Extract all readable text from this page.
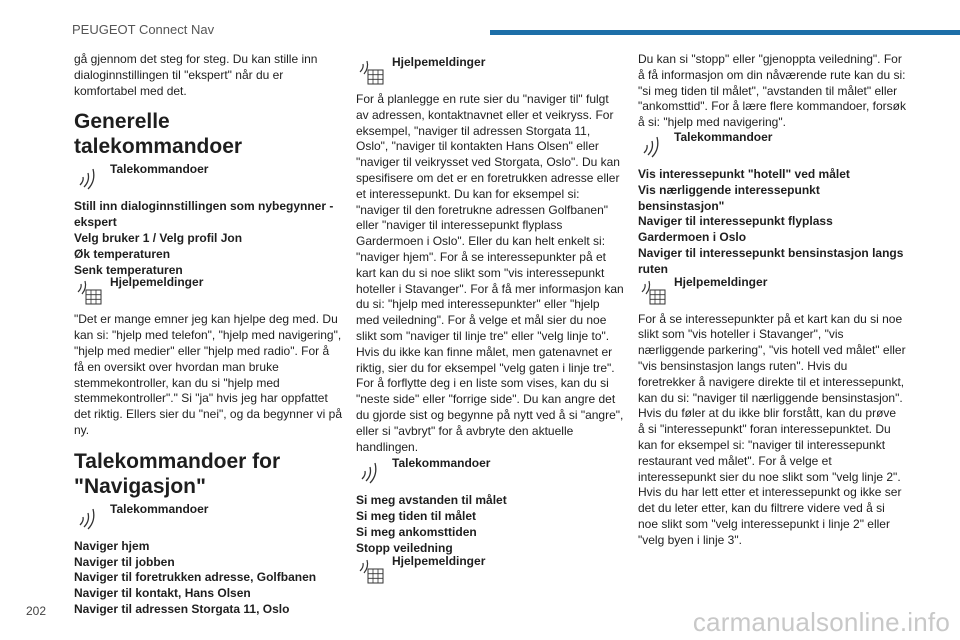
PEUGEOT Connect Nav

gå gjennom det steg for steg. Du kan stille inn dialoginnstillingen til "ekspert" når du er komfortabel med det.

Generelle talekommandoer
Talekommandoer
Still inn dialoginnstillingen som nybegynner - ekspert
Velg bruker 1 / Velg profil Jon
Øk temperaturen
Senk temperaturen
Hjelpemeldinger

"Det er mange emner jeg kan hjelpe deg med. Du kan si: "hjelp med telefon", "hjelp med navigering", "hjelp med medier" eller "hjelp med radio". For å få en oversikt over hvordan man bruke stemmekontroller, kan du si "hjelp med stemmekontroller"." Si "ja" hvis jeg har oppfattet det riktig. Ellers sier du "nei", og da begynner vi på ny.

Talekommandoer for "Navigasjon"
Talekommandoer
Naviger hjem
Naviger til jobben
Naviger til foretrukken adresse, Golfbanen
Naviger til kontakt, Hans Olsen
Naviger til adressen Storgata 11, Oslo
Hjelpemeldinger

For å planlegge en rute sier du "naviger til" fulgt av adressen, kontaktnavnet eller et veikryss. For eksempel, "naviger til adressen Storgata 11, Oslo", "naviger til kontakten Hans Olsen" eller "naviger til veikrysset ved Storgata, Oslo". Du kan spesifisere om det er en foretrukken adresse eller et interessepunkt. Du kan for eksempel si: "naviger til den foretrukne adressen Golfbanen" eller "naviger til interessepunkt flyplass Gardermoen i Oslo". Eller du kan helt enkelt si: "naviger hjem". For å se interessepunkter på et kart kan du si noe slikt som "vis interessepunkt hoteller i Stavanger". For å få mer informasjon kan du si: "hjelp med interessepunkter" eller "hjelp med veiledning". For å velge et mål sier du noe slikt som "naviger til linje tre" eller "velg linje to". Hvis du ikke kan finne målet, men gatenavnet er riktig, sier du for eksempel "velg gaten i linje tre". For å forflytte deg i en liste som vises, kan du si "neste side" eller "forrige side". Du kan angre det du gjorde sist og begynne på nytt ved å si "angre", eller si "avbryt" for å avbryte den aktuelle handlingen.

Talekommandoer
Si meg avstanden til målet
Si meg tiden til målet
Si meg ankomsttiden
Stopp veiledning
Hjelpemeldinger

Du kan si "stopp" eller "gjenoppta veiledning". For å få informasjon om din nåværende rute kan du si: "si meg tiden til målet", "avstanden til målet" eller "ankomsttid". For å lære flere kommandoer, forsøk å si: "hjelp med navigering".

Talekommandoer
Vis interessepunkt "hotell" ved målet
Vis nærliggende interessepunkt bensinstasjon"
Naviger til interessepunkt flyplass Gardermoen i Oslo
Naviger til interessepunkt bensinstasjon langs ruten
Hjelpemeldinger

For å se interessepunkter på et kart kan du si noe slikt som "vis hoteller i Stavanger", "vis nærliggende parkering", "vis hotell ved målet" eller "vis bensinstasjon langs ruten". Hvis du foretrekker å navigere direkte til et interessepunkt, kan du si: "naviger til nærliggende bensinstasjon". Hvis du føler at du ikke blir forstått, kan du prøve å si "interessepunkt" foran interessepunktet. Du kan for eksempel si: "naviger til interessepunkt restaurant ved målet". For å velge et interessepunkt sier du noe slikt som "velg linje 2". Hvis du har lett etter et interessepunkt og ikke ser det du leter etter, kan du filtrere videre ved å si noe slikt som "velg interessepunkt i linje 2" eller "velg byen i linje 3".

202	carmanualsonline.info
